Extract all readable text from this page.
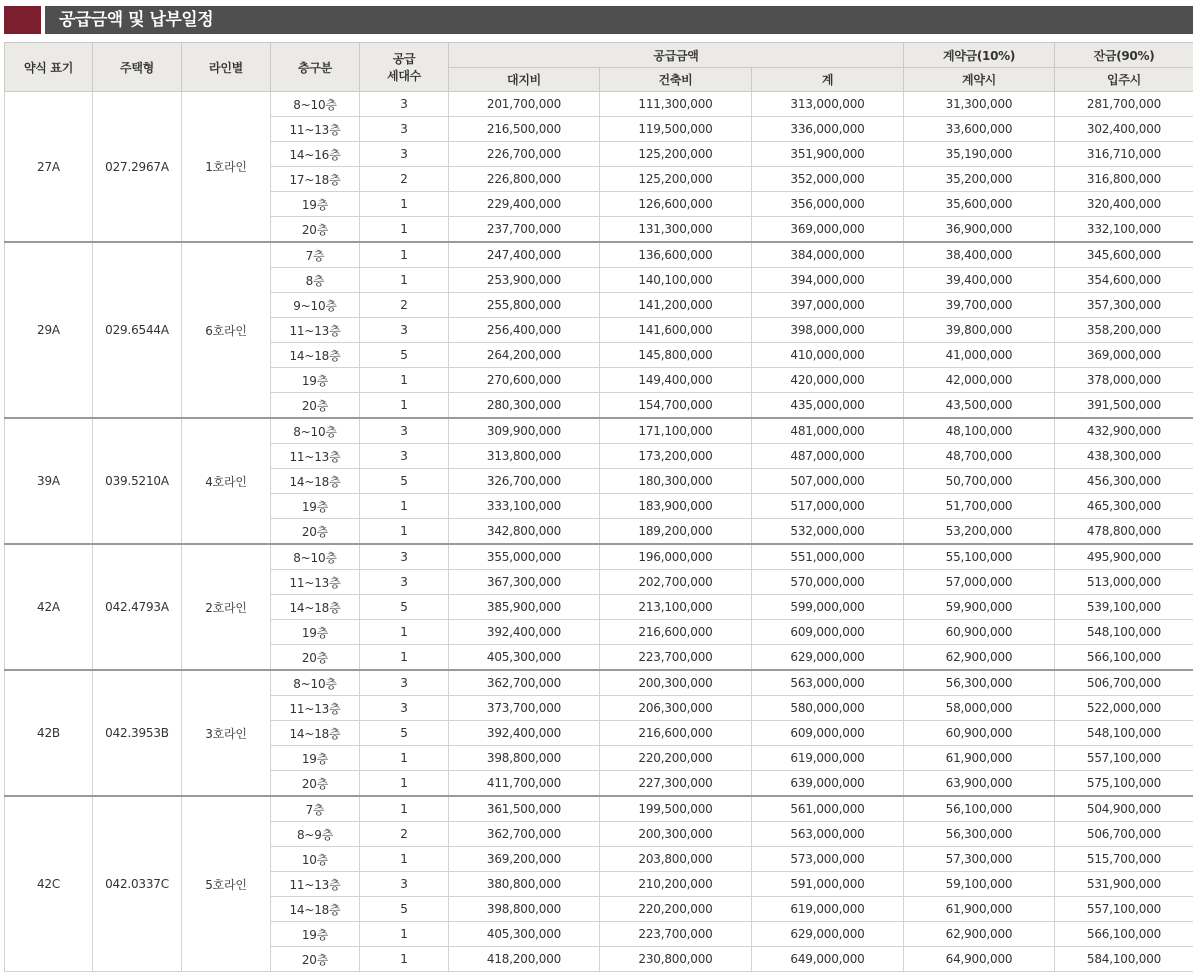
공급금액 및 납부일정
약식 표기	주택형	라인별	층구분	공급
세대수	공급금액			계약금(10%)	잔금(90%)
					대지비	건축비	계	계약시	입주시
27A	027.2967A	1호라인	8~10층	3	201,700,000	111,300,000	313,000,000	31,300,000	281,700,000
			11~13층	3	216,500,000	119,500,000	336,000,000	33,600,000	302,400,000
			14~16층	3	226,700,000	125,200,000	351,900,000	35,190,000	316,710,000
			17~18층	2	226,800,000	125,200,000	352,000,000	35,200,000	316,800,000
			19층	1	229,400,000	126,600,000	356,000,000	35,600,000	320,400,000
			20층	1	237,700,000	131,300,000	369,000,000	36,900,000	332,100,000
29A	029.6544A	6호라인	7층	1	247,400,000	136,600,000	384,000,000	38,400,000	345,600,000
			8층	1	253,900,000	140,100,000	394,000,000	39,400,000	354,600,000
			9~10층	2	255,800,000	141,200,000	397,000,000	39,700,000	357,300,000
			11~13층	3	256,400,000	141,600,000	398,000,000	39,800,000	358,200,000
			14~18층	5	264,200,000	145,800,000	410,000,000	41,000,000	369,000,000
			19층	1	270,600,000	149,400,000	420,000,000	42,000,000	378,000,000
			20층	1	280,300,000	154,700,000	435,000,000	43,500,000	391,500,000
39A	039.5210A	4호라인	8~10층	3	309,900,000	171,100,000	481,000,000	48,100,000	432,900,000
			11~13층	3	313,800,000	173,200,000	487,000,000	48,700,000	438,300,000
			14~18층	5	326,700,000	180,300,000	507,000,000	50,700,000	456,300,000
			19층	1	333,100,000	183,900,000	517,000,000	51,700,000	465,300,000
			20층	1	342,800,000	189,200,000	532,000,000	53,200,000	478,800,000
42A	042.4793A	2호라인	8~10층	3	355,000,000	196,000,000	551,000,000	55,100,000	495,900,000
			11~13층	3	367,300,000	202,700,000	570,000,000	57,000,000	513,000,000
			14~18층	5	385,900,000	213,100,000	599,000,000	59,900,000	539,100,000
			19층	1	392,400,000	216,600,000	609,000,000	60,900,000	548,100,000
			20층	1	405,300,000	223,700,000	629,000,000	62,900,000	566,100,000
42B	042.3953B	3호라인	8~10층	3	362,700,000	200,300,000	563,000,000	56,300,000	506,700,000
			11~13층	3	373,700,000	206,300,000	580,000,000	58,000,000	522,000,000
			14~18층	5	392,400,000	216,600,000	609,000,000	60,900,000	548,100,000
			19층	1	398,800,000	220,200,000	619,000,000	61,900,000	557,100,000
			20층	1	411,700,000	227,300,000	639,000,000	63,900,000	575,100,000
42C	042.0337C	5호라인	7층	1	361,500,000	199,500,000	561,000,000	56,100,000	504,900,000
			8~9층	2	362,700,000	200,300,000	563,000,000	56,300,000	506,700,000
			10층	1	369,200,000	203,800,000	573,000,000	57,300,000	515,700,000
			11~13층	3	380,800,000	210,200,000	591,000,000	59,100,000	531,900,000
			14~18층	5	398,800,000	220,200,000	619,000,000	61,900,000	557,100,000
			19층	1	405,300,000	223,700,000	629,000,000	62,900,000	566,100,000
			20층	1	418,200,000	230,800,000	649,000,000	64,900,000	584,100,000
